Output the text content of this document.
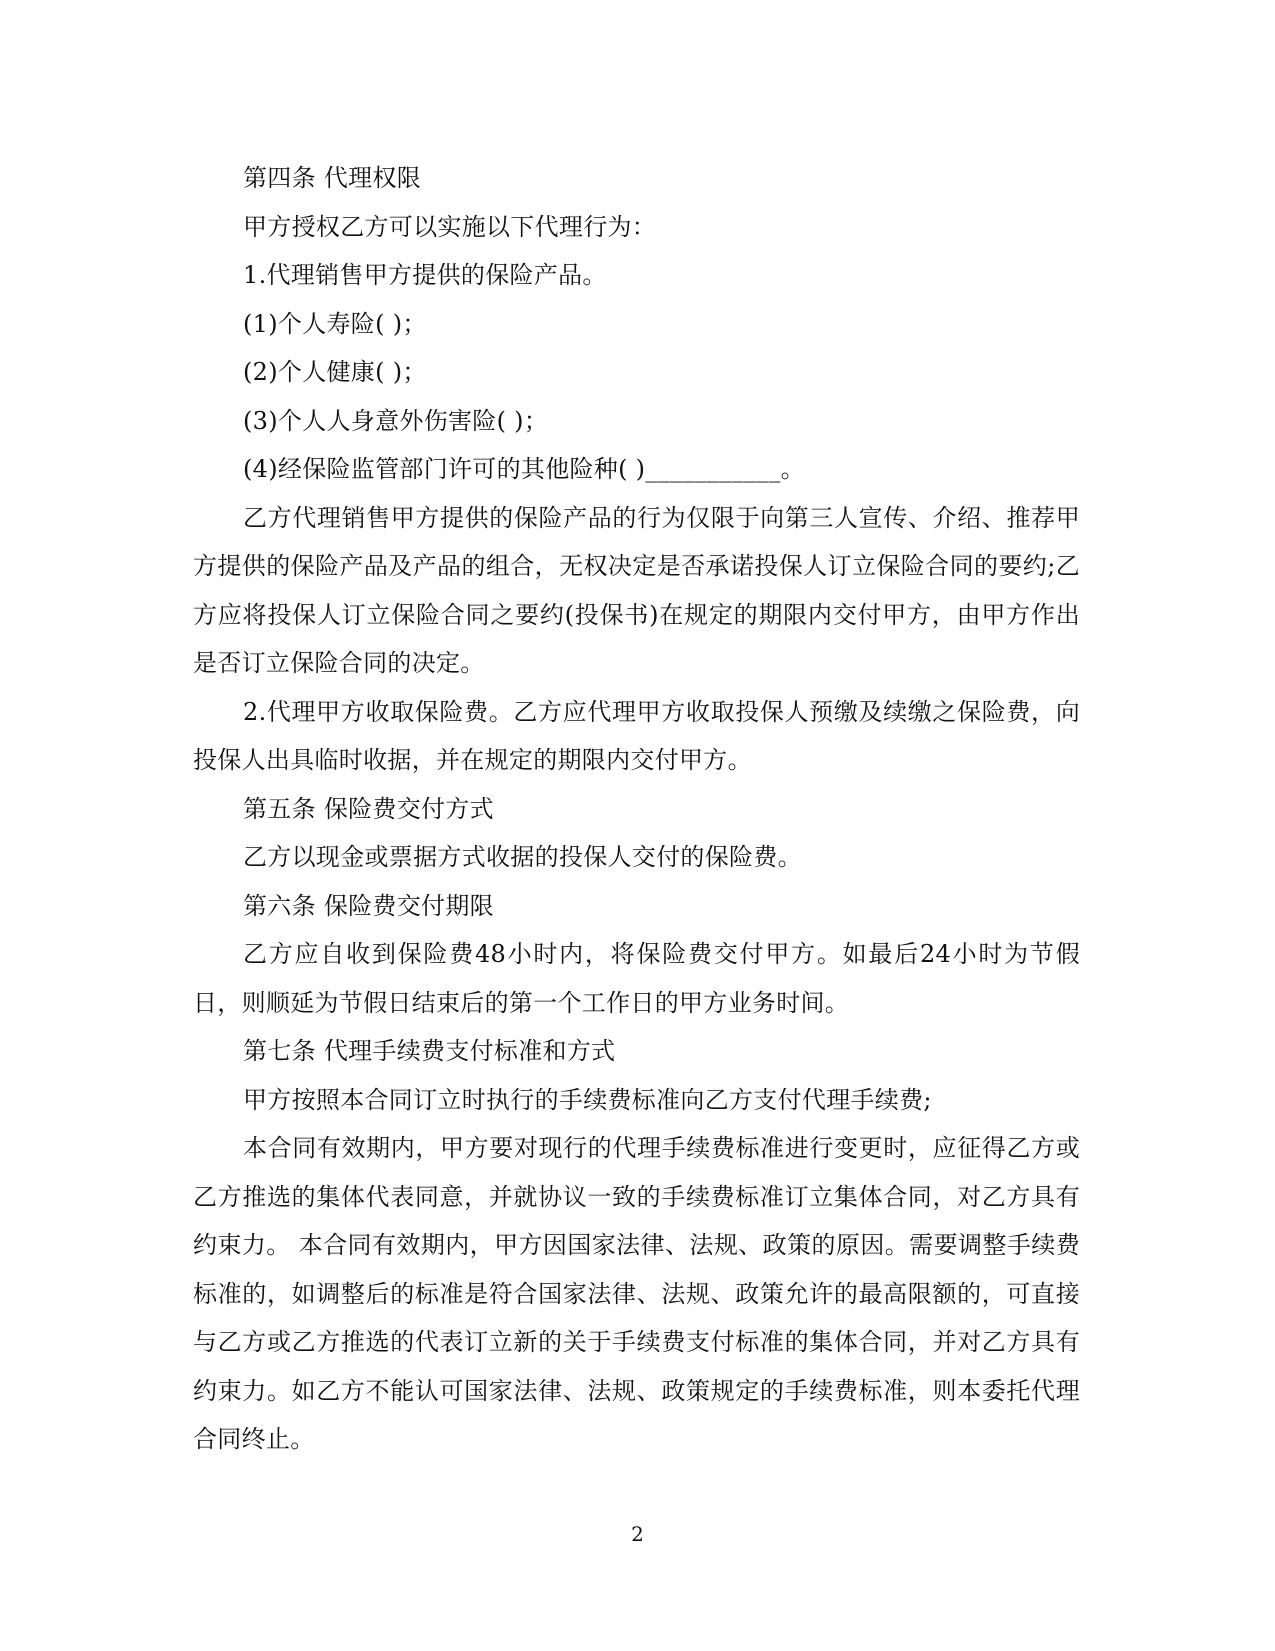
第四条 代理权限

甲方授权乙方可以实施以下代理行为：

1.代理销售甲方提供的保险产品。

(1)个人寿险( )；

(2)个人健康( )；

(3)个人人身意外伤害险( )；

(4)经保险监管部门许可的其他险种( )___________。

乙方代理销售甲方提供的保险产品的行为仅限于向第三人宣传、介绍、推荐甲方提供的保险产品及产品的组合，无权决定是否承诺投保人订立保险合同的要约;乙方应将投保人订立保险合同之要约(投保书)在规定的期限内交付甲方，由甲方作出是否订立保险合同的决定。

2.代理甲方收取保险费。乙方应代理甲方收取投保人预缴及续缴之保险费，向投保人出具临时收据，并在规定的期限内交付甲方。

第五条 保险费交付方式

乙方以现金或票据方式收据的投保人交付的保险费。

第六条 保险费交付期限

乙方应自收到保险费48小时内，将保险费交付甲方。如最后24小时为节假日，则顺延为节假日结束后的第一个工作日的甲方业务时间。

第七条 代理手续费支付标准和方式

甲方按照本合同订立时执行的手续费标准向乙方支付代理手续费;

本合同有效期内，甲方要对现行的代理手续费标准进行变更时，应征得乙方或乙方推选的集体代表同意，并就协议一致的手续费标准订立集体合同，对乙方具有约束力。 本合同有效期内，甲方因国家法律、法规、政策的原因。需要调整手续费标准的，如调整后的标准是符合国家法律、法规、政策允许的最高限额的，可直接与乙方或乙方推选的代表订立新的关于手续费支付标准的集体合同，并对乙方具有约束力。如乙方不能认可国家法律、法规、政策规定的手续费标准，则本委托代理合同终止。

2
